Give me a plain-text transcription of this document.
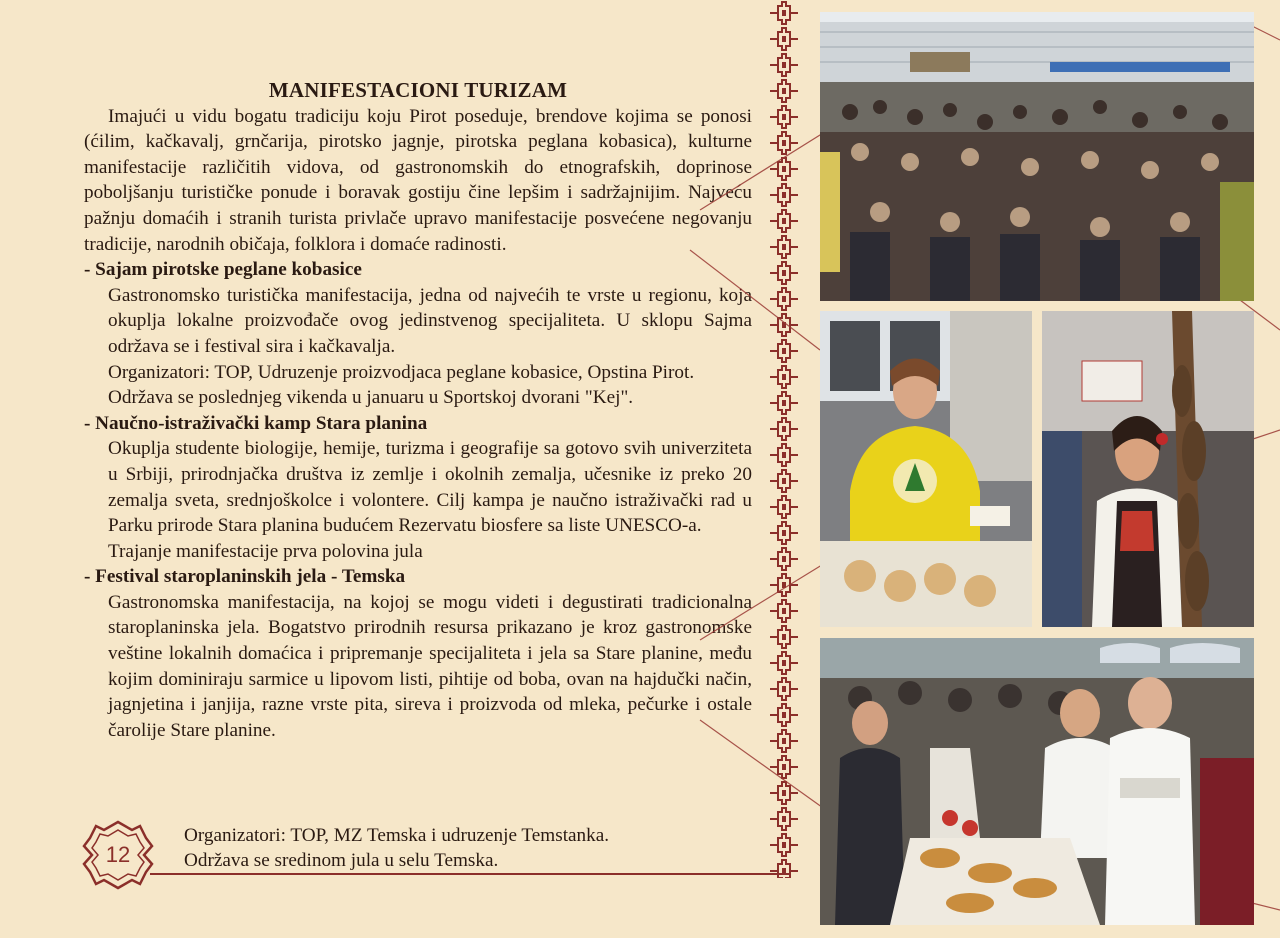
MANIFESTACIONI TURIZAM

Imajući u vidu bogatu tradiciju koju Pirot poseduje, brendove kojima se ponosi (ćilim, kačkavalj, grnčarija, pirotsko jagnje, pirotska peglana kobasica), kulturne manifestacije različitih vidova, od gastronomskih do etnografskih, doprinose poboljšanju turističke ponude i boravak gostiju čine lepšim i sadržajnijim. Najveću pažnju domaćih i stranih turista privlače upravo manifestacije posvećene negovanju tradicije, narodnih običaja, folklora i domaće radinosti.

- Sajam pirotske peglane kobasice

Gastronomsko turistička manifestacija, jedna od najvećih te vrste u regionu, koja okuplja lokalne proizvođače ovog jedinstvenog specijaliteta. U sklopu Sajma održava se i festival sira i kačkavalja.

Organizatori: TOP, Udruzenje proizvodjaca peglane kobasice, Opstina Pirot.

Održava se poslednjeg vikenda u januaru u Sportskoj dvorani "Kej".

- Naučno-istraživački kamp Stara planina

Okuplja studente biologije, hemije, turizma i geografije sa gotovo svih univerziteta u Srbiji, prirodnjačka društva iz zemlje i okolnih zemalja, učesnike iz preko 20 zemalja sveta, srednjoškolce i volontere. Cilj kampa je naučno istraživački rad u Parku prirode Stara planina budućem Rezervatu biosfere sa liste UNESCO-a.

Trajanje manifestacije prva polovina jula

- Festival staroplaninskih jela - Temska

Gastronomska manifestacija, na kojoj se mogu videti i degustirati tradicionalna staroplaninska jela. Bogatstvo prirodnih resursa prikazano je kroz gastronomske veštine lokalnih domaćica i pripremanje specijaliteta i jela sa Stare planine, među kojim dominiraju sarmice u lipovom listi, pihtije od boba, ovan na hajdučki način, jagnjetina i janjija, razne vrste pita, sireva i proizvoda od mleka, pečurke i ostale čarolije Stare planine.

Organizatori: TOP, MZ Temska i udruzenje Temstanka.
Održava se sredinom jula u selu Temska.
12
